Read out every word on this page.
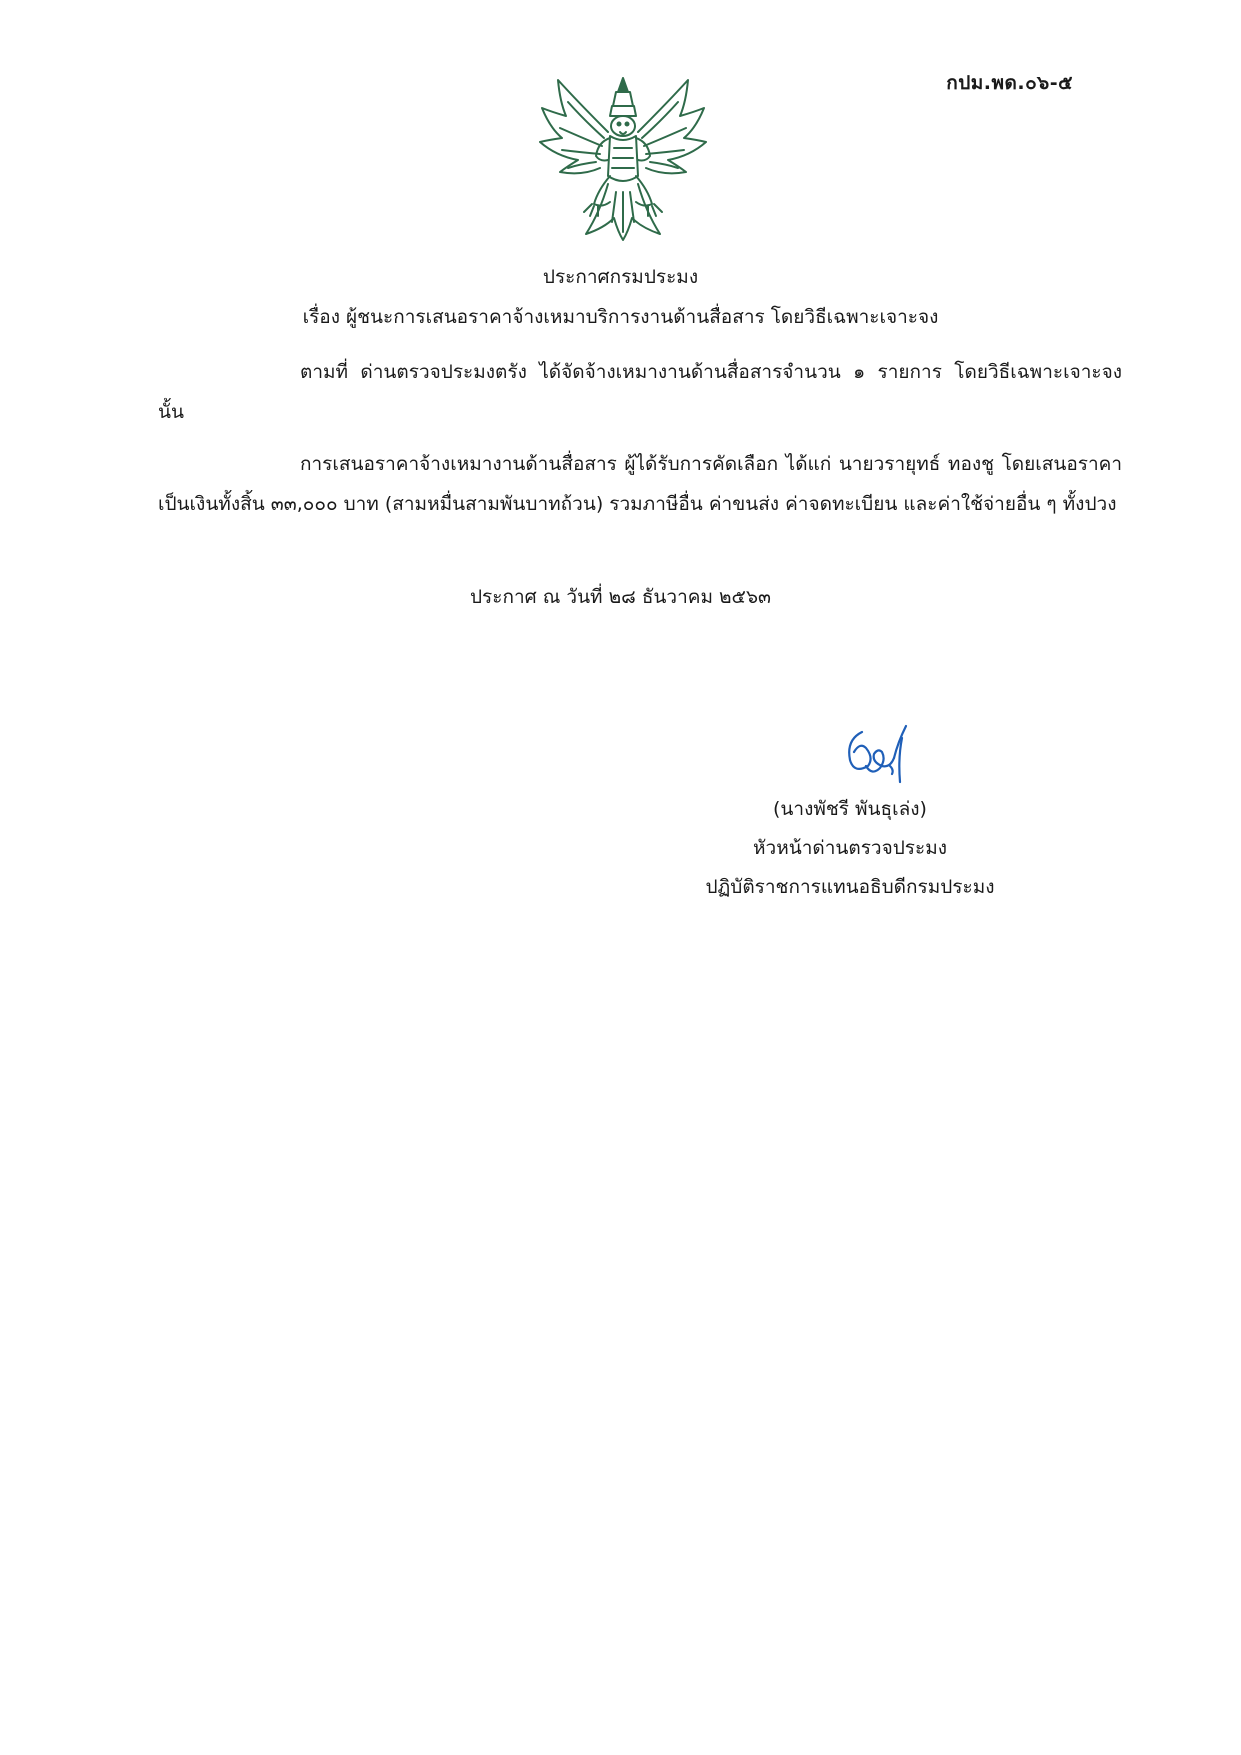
กปม.พด.๐๖-๕
ประกาศกรมประมง
เรื่อง ผู้ชนะการเสนอราคาจ้างเหมาบริการงานด้านสื่อสาร โดยวิธีเฉพาะเจาะจง
ตามที่ ด่านตรวจประมงตรัง ได้จัดจ้างเหมางานด้านสื่อสารจำนวน ๑ รายการ โดยวิธีเฉพาะเจาะจง นั้น
การเสนอราคาจ้างเหมางานด้านสื่อสาร ผู้ได้รับการคัดเลือก ได้แก่ นายวรายุทธ์ ทองชู โดยเสนอราคาเป็นเงินทั้งสิ้น ๓๓,๐๐๐ บาท (สามหมื่นสามพันบาทถ้วน) รวมภาษีอื่น ค่าขนส่ง ค่าจดทะเบียน และค่าใช้จ่ายอื่น ๆ ทั้งปวง
ประกาศ ณ วันที่ ๒๘ ธันวาคม ๒๕๖๓
(นางพัชรี พันธุเล่ง)
หัวหน้าด่านตรวจประมง
ปฏิบัติราชการแทนอธิบดีกรมประมง
